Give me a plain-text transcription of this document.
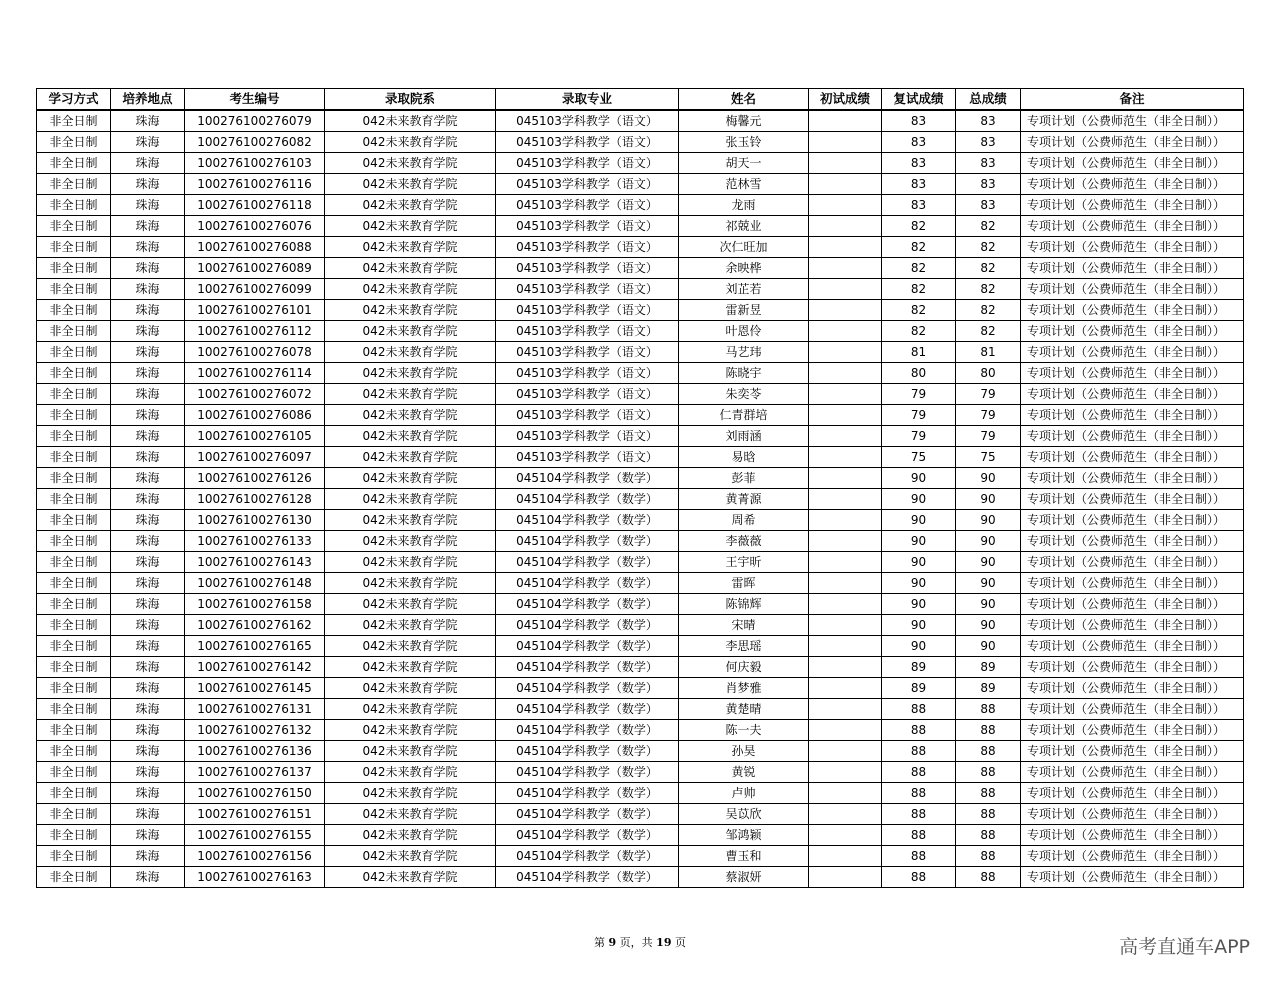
学习方式	培养地点	考生编号	录取院系	录取专业	姓名	初试成绩	复试成绩	总成绩	备注
非全日制	珠海	100276100276079	042未来教育学院	045103学科教学（语文）	梅馨元		83	83	专项计划（公费师范生（非全日制））
非全日制	珠海	100276100276082	042未来教育学院	045103学科教学（语文）	张玉铃		83	83	专项计划（公费师范生（非全日制））
非全日制	珠海	100276100276103	042未来教育学院	045103学科教学（语文）	胡天一		83	83	专项计划（公费师范生（非全日制））
非全日制	珠海	100276100276116	042未来教育学院	045103学科教学（语文）	范林雪		83	83	专项计划（公费师范生（非全日制））
非全日制	珠海	100276100276118	042未来教育学院	045103学科教学（语文）	龙雨		83	83	专项计划（公费师范生（非全日制））
非全日制	珠海	100276100276076	042未来教育学院	045103学科教学（语文）	祁兢业		82	82	专项计划（公费师范生（非全日制））
非全日制	珠海	100276100276088	042未来教育学院	045103学科教学（语文）	次仁旺加		82	82	专项计划（公费师范生（非全日制））
非全日制	珠海	100276100276089	042未来教育学院	045103学科教学（语文）	余映桦		82	82	专项计划（公费师范生（非全日制））
非全日制	珠海	100276100276099	042未来教育学院	045103学科教学（语文）	刘芷若		82	82	专项计划（公费师范生（非全日制））
非全日制	珠海	100276100276101	042未来教育学院	045103学科教学（语文）	雷新昱		82	82	专项计划（公费师范生（非全日制））
非全日制	珠海	100276100276112	042未来教育学院	045103学科教学（语文）	叶恩伶		82	82	专项计划（公费师范生（非全日制））
非全日制	珠海	100276100276078	042未来教育学院	045103学科教学（语文）	马艺玮		81	81	专项计划（公费师范生（非全日制））
非全日制	珠海	100276100276114	042未来教育学院	045103学科教学（语文）	陈晓宇		80	80	专项计划（公费师范生（非全日制））
非全日制	珠海	100276100276072	042未来教育学院	045103学科教学（语文）	朱奕苓		79	79	专项计划（公费师范生（非全日制））
非全日制	珠海	100276100276086	042未来教育学院	045103学科教学（语文）	仁青群培		79	79	专项计划（公费师范生（非全日制））
非全日制	珠海	100276100276105	042未来教育学院	045103学科教学（语文）	刘雨涵		79	79	专项计划（公费师范生（非全日制））
非全日制	珠海	100276100276097	042未来教育学院	045103学科教学（语文）	易晗		75	75	专项计划（公费师范生（非全日制））
非全日制	珠海	100276100276126	042未来教育学院	045104学科教学（数学）	彭菲		90	90	专项计划（公费师范生（非全日制））
非全日制	珠海	100276100276128	042未来教育学院	045104学科教学（数学）	黄菁源		90	90	专项计划（公费师范生（非全日制））
非全日制	珠海	100276100276130	042未来教育学院	045104学科教学（数学）	周希		90	90	专项计划（公费师范生（非全日制））
非全日制	珠海	100276100276133	042未来教育学院	045104学科教学（数学）	李薇薇		90	90	专项计划（公费师范生（非全日制））
非全日制	珠海	100276100276143	042未来教育学院	045104学科教学（数学）	王宇昕		90	90	专项计划（公费师范生（非全日制））
非全日制	珠海	100276100276148	042未来教育学院	045104学科教学（数学）	雷晖		90	90	专项计划（公费师范生（非全日制））
非全日制	珠海	100276100276158	042未来教育学院	045104学科教学（数学）	陈锦辉		90	90	专项计划（公费师范生（非全日制））
非全日制	珠海	100276100276162	042未来教育学院	045104学科教学（数学）	宋晴		90	90	专项计划（公费师范生（非全日制））
非全日制	珠海	100276100276165	042未来教育学院	045104学科教学（数学）	李思瑶		90	90	专项计划（公费师范生（非全日制））
非全日制	珠海	100276100276142	042未来教育学院	045104学科教学（数学）	何庆毅		89	89	专项计划（公费师范生（非全日制））
非全日制	珠海	100276100276145	042未来教育学院	045104学科教学（数学）	肖梦雅		89	89	专项计划（公费师范生（非全日制））
非全日制	珠海	100276100276131	042未来教育学院	045104学科教学（数学）	黄楚晴		88	88	专项计划（公费师范生（非全日制））
非全日制	珠海	100276100276132	042未来教育学院	045104学科教学（数学）	陈一夫		88	88	专项计划（公费师范生（非全日制））
非全日制	珠海	100276100276136	042未来教育学院	045104学科教学（数学）	孙昊		88	88	专项计划（公费师范生（非全日制））
非全日制	珠海	100276100276137	042未来教育学院	045104学科教学（数学）	黄锐		88	88	专项计划（公费师范生（非全日制））
非全日制	珠海	100276100276150	042未来教育学院	045104学科教学（数学）	卢帅		88	88	专项计划（公费师范生（非全日制））
非全日制	珠海	100276100276151	042未来教育学院	045104学科教学（数学）	吴苡欣		88	88	专项计划（公费师范生（非全日制））
非全日制	珠海	100276100276155	042未来教育学院	045104学科教学（数学）	邹鸿颖		88	88	专项计划（公费师范生（非全日制））
非全日制	珠海	100276100276156	042未来教育学院	045104学科教学（数学）	曹玉和		88	88	专项计划（公费师范生（非全日制））
非全日制	珠海	100276100276163	042未来教育学院	045104学科教学（数学）	蔡淑妍		88	88	专项计划（公费师范生（非全日制））
第 9 页，共 19 页	高考直通车APP
